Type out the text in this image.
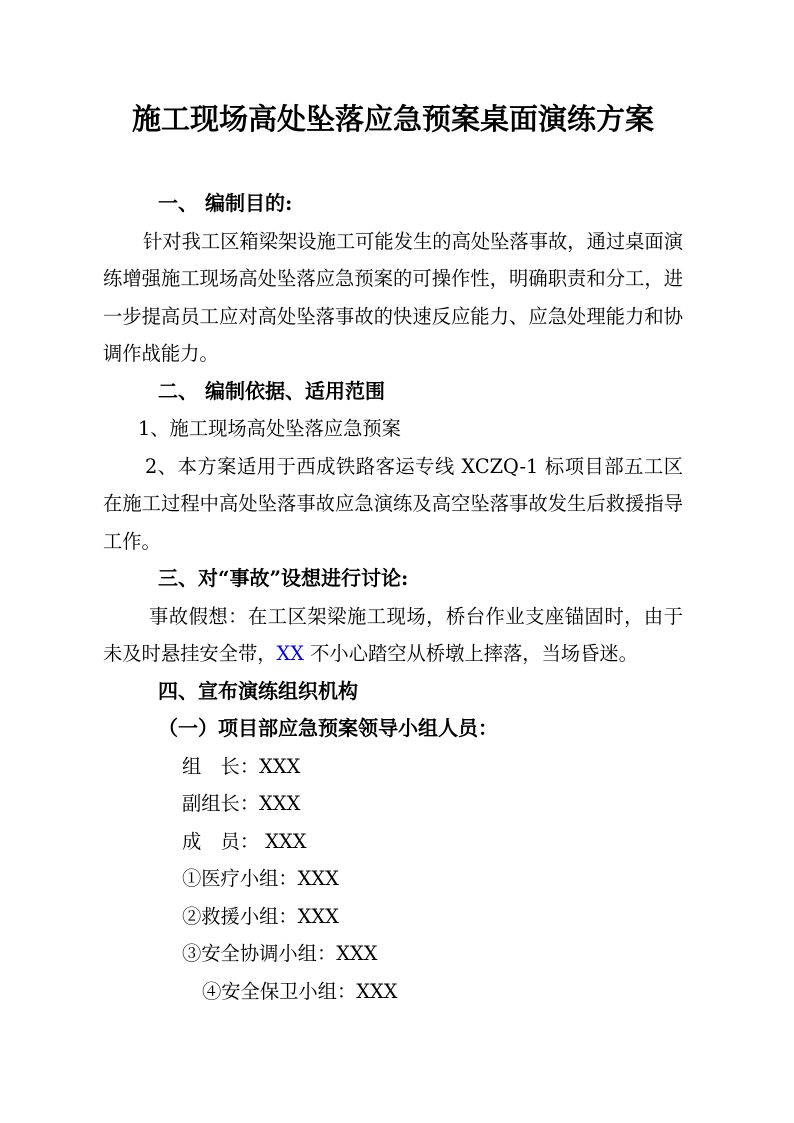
施工现场高处坠落应急预案桌面演练方案
一、 编制目的:

针对我工区箱梁架设施工可能发生的高处坠落事故，通过桌面演练增强施工现场高处坠落应急预案的可操作性，明确职责和分工，进一步提高员工应对高处坠落事故的快速反应能力、应急处理能力和协调作战能力。

二、 编制依据、适用范围

1、施工现场高处坠落应急预案

2、本方案适用于西成铁路客运专线 XCZQ-1 标项目部五工区在施工过程中高处坠落事故应急演练及高空坠落事故发生后救援指导工作。

三、对“事故”设想进行讨论:

事故假想：在工区架梁施工现场，桥台作业支座锚固时，由于未及时悬挂安全带，XX 不小心踏空从桥墩上摔落，当场昏迷。

四、宣布演练组织机构
（一）项目部应急预案领导小组人员：
组　长：XXX
副组长：XXX
成　员： XXX
①医疗小组：XXX
②救援小组：XXX
③安全协调小组：XXX
④安全保卫小组：XXX
